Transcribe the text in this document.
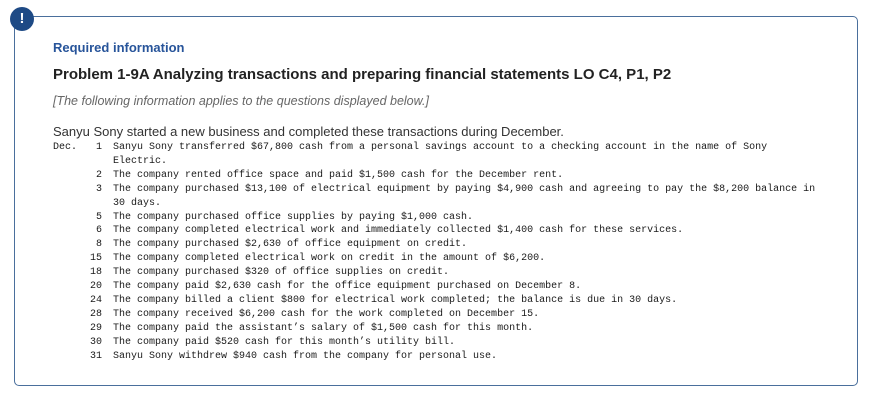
!
Required information
Problem 1-9A Analyzing transactions and preparing financial statements LO C4, P1, P2
[The following information applies to the questions displayed below.]
Sanyu Sony started a new business and completed these transactions during December.
Dec.	1 Sanyu Sony transferred $67,800 cash from a personal savings account to a checking account in the name of Sony Electric.
2 The company rented office space and paid $1,500 cash for the December rent.
3 The company purchased $13,100 of electrical equipment by paying $4,900 cash and agreeing to pay the $8,200 balance in 30 days.
5 The company purchased office supplies by paying $1,000 cash.
6 The company completed electrical work and immediately collected $1,400 cash for these services.
8 The company purchased $2,630 of office equipment on credit.
15 The company completed electrical work on credit in the amount of $6,200.
18 The company purchased $320 of office supplies on credit.
20 The company paid $2,630 cash for the office equipment purchased on December 8.
24 The company billed a client $800 for electrical work completed; the balance is due in 30 days.
28 The company received $6,200 cash for the work completed on December 15.
29 The company paid the assistant’s salary of $1,500 cash for this month.
30 The company paid $520 cash for this month’s utility bill.
31 Sanyu Sony withdrew $940 cash from the company for personal use.
